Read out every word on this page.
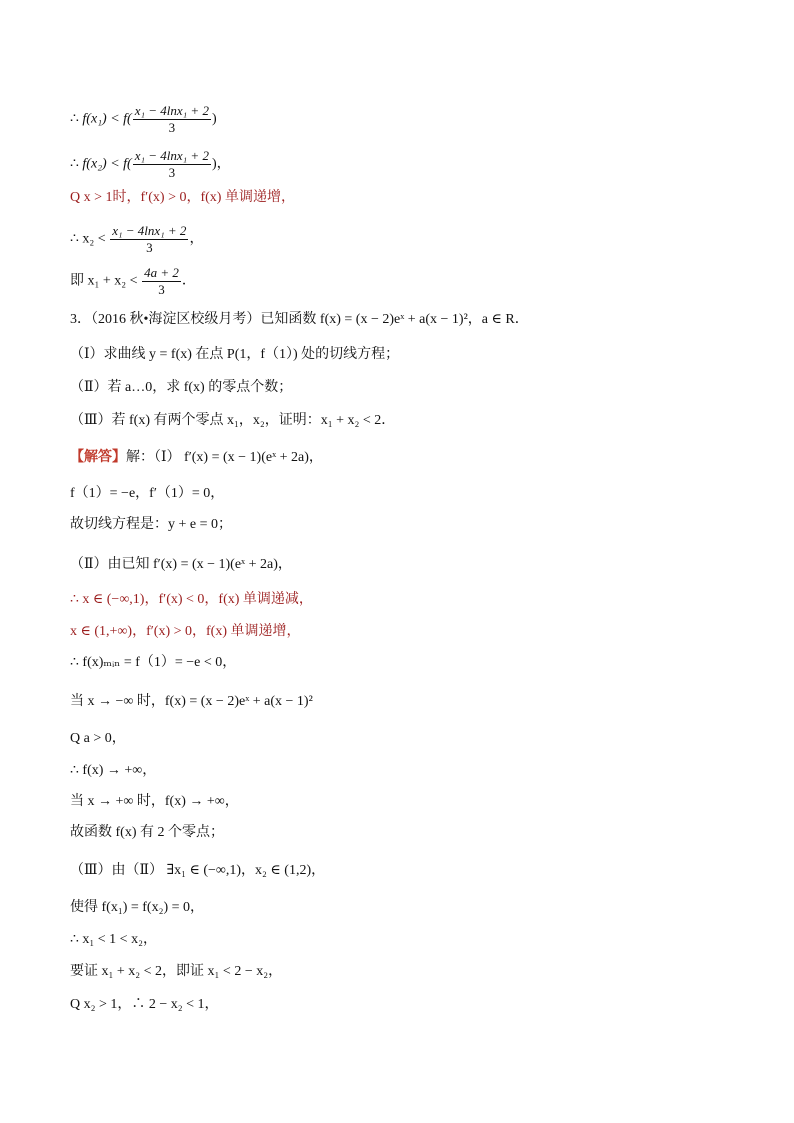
∴ $f(x_1) < f( \frac{\text{x₁ − 4lnx₁ + 2}}{3}$ )
∴ $f(x_2) < f( \frac{\text{x₁ − 4lnx₁ + 2}}{3}$ )，
Q x > 1时，f′(x) > 0，f(x) 单调递增，
∴ $x_2 < \frac{\text{x₁ − 4lnx₁ + 2}}{3}$ ，
即 $x_1 + x_2 < \frac{4a + 2}{3}$ ．
3．（2016 秋•海淀区校级月考）已知函数 f(x) = (x − 2)eˣ + a(x − 1)²，a ∈ R．
（Ⅰ）求曲线 y = f(x) 在点 P(1，f（1）) 处的切线方程；
（Ⅱ）若 a…0，求 f(x) 的零点个数；
（Ⅲ）若 f(x) 有两个零点 x₁，x₂，证明：x₁ + x₂ < 2．
【解答】解：（Ⅰ） f′(x) = (x − 1)(eˣ + 2a)，
f（1）= −e，f′（1）= 0，
故切线方程是：y + e = 0；
（Ⅱ）由已知 f′(x) = (x − 1)(eˣ + 2a)，
∴ x ∈ (−∞,1)，f′(x) < 0，f(x) 单调递减，
x ∈ (1,+∞)，f′(x) > 0，f(x) 单调递增，
∴ f(x)ₘᵢₙ = f（1）= −e < 0，
当 x → −∞ 时，f(x) = (x − 2)eˣ + a(x − 1)²
Q a > 0，
∴ f(x) → +∞，
当 x → +∞ 时，f(x) → +∞，
故函数 f(x) 有 2 个零点；
（Ⅲ）由（Ⅱ） ∃x₁ ∈ (−∞,1)，x₂ ∈ (1,2)，
使得 f(x₁) = f(x₂) = 0，
∴ x₁ < 1 < x₂，
要证 x₁ + x₂ < 2，即证 x₁ < 2 − x₂，
Q x₂ > 1，∴ 2 − x₂ < 1，
